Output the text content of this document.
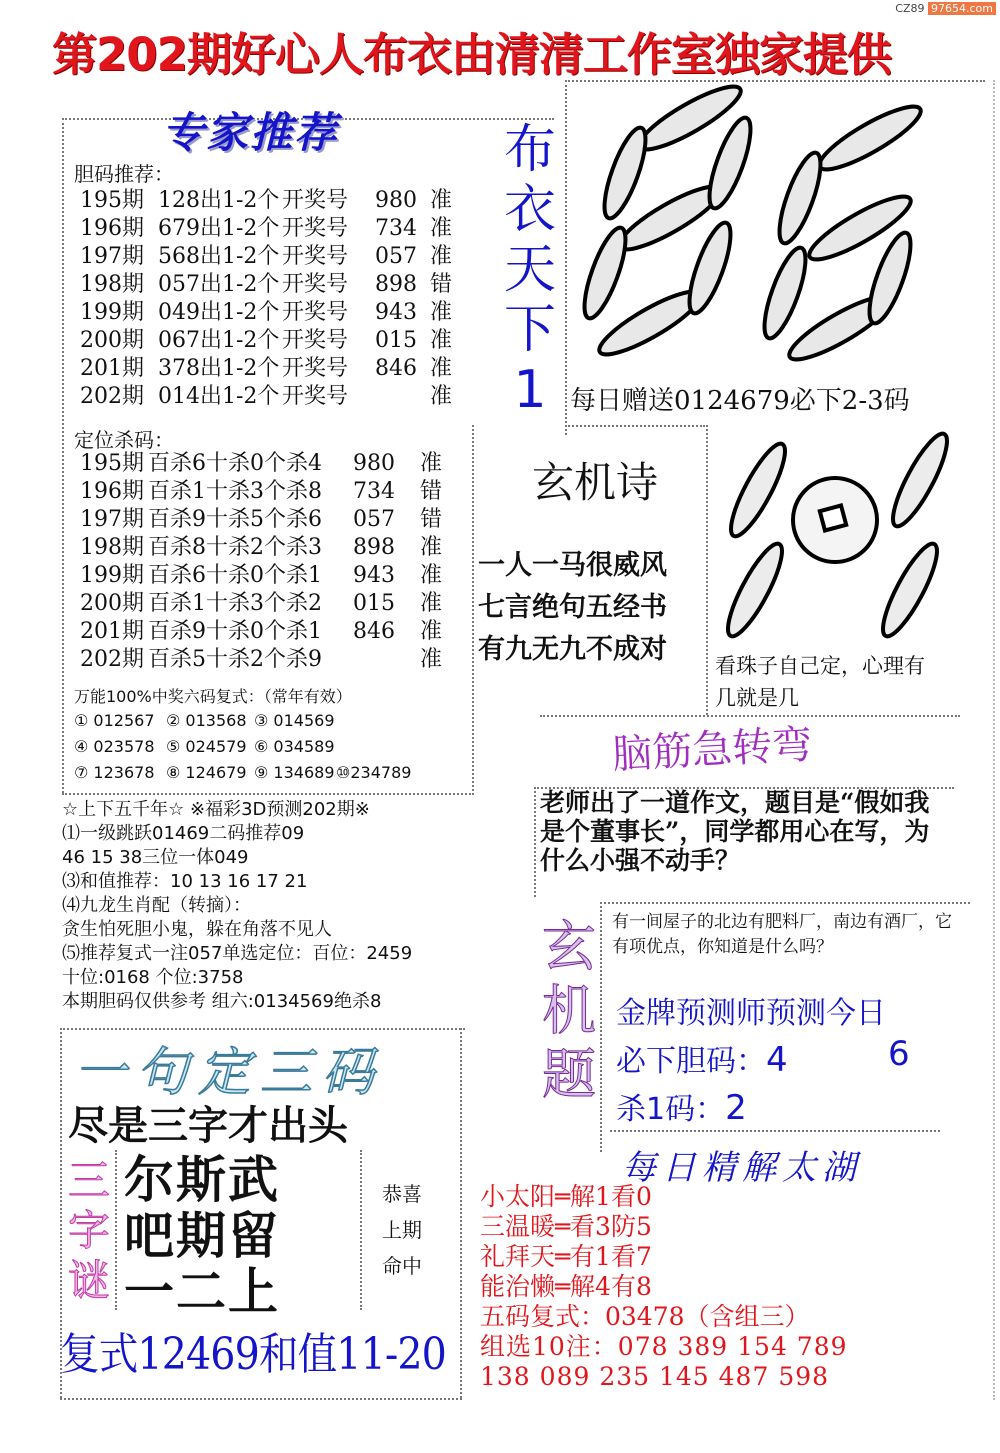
CZ89 97654.com
第202期好心人布衣由清清工作室独家提供
专家推荐
胆码推荐：
195期 128出1-2个 开奖号 980 准
196期 679出1-2个 开奖号 734 准
197期 568出1-2个 开奖号 057 准
198期 057出1-2个 开奖号 898 错
199期 049出1-2个 开奖号 943 准
200期 067出1-2个 开奖号 015 准
201期 378出1-2个 开奖号 846 准
202期 014出1-2个 开奖号	准
定位杀码：
195期 百杀6十杀0个杀4 980 准
196期 百杀1十杀3个杀8 734 错
197期 百杀9十杀5个杀6 057 错
198期 百杀8十杀2个杀3 898 准
199期 百杀6十杀0个杀1 943 准
200期 百杀1十杀3个杀2 015 准
201期 百杀9十杀0个杀1 846 准
202期 百杀5十杀2个杀9	准
万能100%中奖六码复式：（常年有效）
① 012567 ② 013568 ③ 014569
④ 023578 ⑤ 024579 ⑥ 034589
⑦ 123678 ⑧ 124679 ⑨ 134689 ⑩234789
☆上下五千年☆ ※福彩3D预测202期※
⑴一级跳跃01469二码推荐09
46 15 38三位一体049
⑶和值推荐：10 13 16 17 21
⑷九龙生肖配（转摘）：
贪生怕死胆小鬼，躲在角落不见人
⑸推荐复式一注057单选定位：百位：2459
十位:0168 个位:3758
本期胆码仅供参考 组六:0134569绝杀8
布
衣
天
下
1 每日赠送0124679必下2-3码
玄机诗
一人一马很威风
七言绝句五经书
有九无九不成对
看珠子自己定，心理有几就是几
脑筋急转弯
老师出了一道作文，题目是“假如我是个董事长”，同学都用心在写，为什么小强不动手？
玄
机
题
有一间屋子的北边有肥料厂，南边有酒厂，它有项优点，你知道是什么吗？
金牌预测师预测今日
必下胆码：4	6
杀1码：2
每日精解太湖
小太阳═解1看0
三温暖═看3防5
礼拜天═有1看7
能治懒═解4有8
五码复式：03478（含组三）
组选10注：078 389 154 789
138 089 235 145 487 598
一句定三码
尽是三字才出头
三
字
谜
尔斯武
吧期留
一二上
恭喜
上期
命中
复式12469和值11-20
